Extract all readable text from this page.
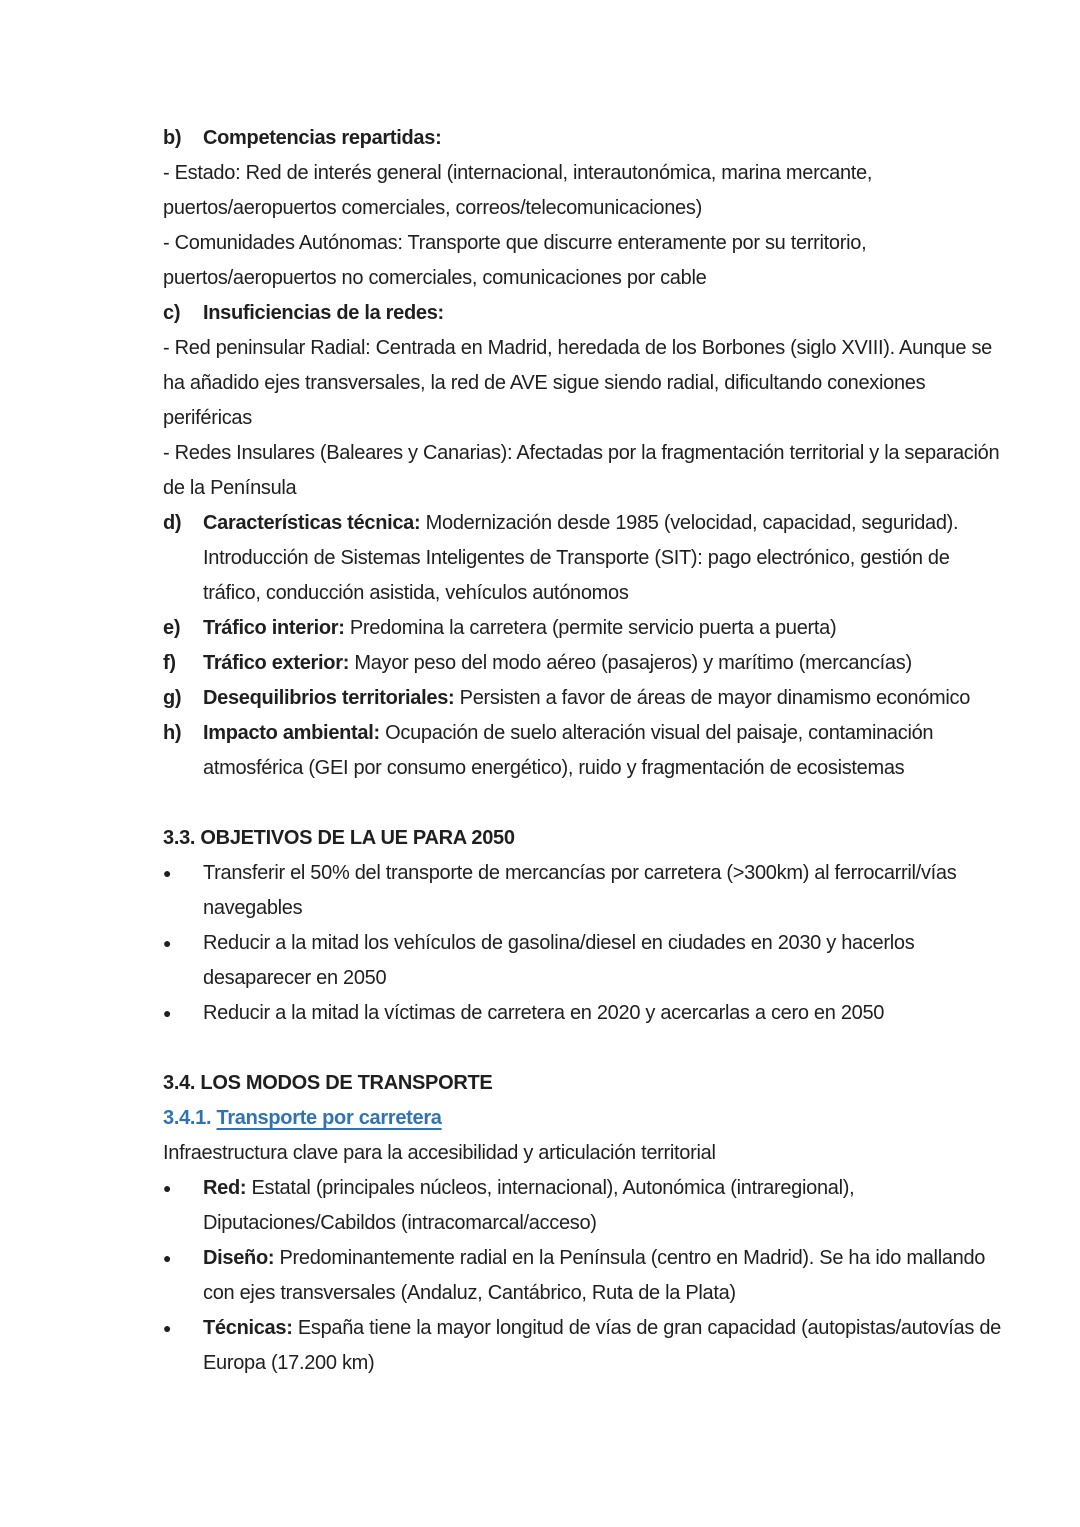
b) Competencias repartidas:
- Estado: Red de interés general (internacional, interautonómica, marina mercante,
puertos/aeropuertos comerciales, correos/telecomunicaciones)
- Comunidades Autónomas: Transporte que discurre enteramente por su territorio,
puertos/aeropuertos no comerciales, comunicaciones por cable
c) Insuficiencias de la redes:
- Red peninsular Radial: Centrada en Madrid, heredada de los Borbones (siglo XVIII). Aunque se
ha añadido ejes transversales, la red de AVE sigue siendo radial, dificultando conexiones
periféricas
- Redes Insulares (Baleares y Canarias): Afectadas por la fragmentación territorial y la separación
de la Península
d) Características técnica: Modernización desde 1985 (velocidad, capacidad, seguridad).
Introducción de Sistemas Inteligentes de Transporte (SIT): pago electrónico, gestión de
tráfico, conducción asistida, vehículos autónomos
e) Tráfico interior: Predomina la carretera (permite servicio puerta a puerta)
f) Tráfico exterior: Mayor peso del modo aéreo (pasajeros) y marítimo (mercancías)
g) Desequilibrios territoriales: Persisten a favor de áreas de mayor dinamismo económico
h) Impacto ambiental: Ocupación de suelo alteración visual del paisaje, contaminación
atmosférica (GEI por consumo energético), ruido y fragmentación de ecosistemas
3.3. OBJETIVOS DE LA UE PARA 2050
● Transferir el 50% del transporte de mercancías por carretera (>300km) al ferrocarril/vías
navegables
● Reducir a la mitad los vehículos de gasolina/diesel en ciudades en 2030 y hacerlos
desaparecer en 2050
● Reducir a la mitad la víctimas de carretera en 2020 y acercarlas a cero en 2050
3.4. LOS MODOS DE TRANSPORTE
3.4.1. Transporte por carretera
Infraestructura clave para la accesibilidad y articulación territorial
● Red: Estatal (principales núcleos, internacional), Autonómica (intraregional),
Diputaciones/Cabildos (intracomarcal/acceso)
● Diseño: Predominantemente radial en la Península (centro en Madrid). Se ha ido mallando
con ejes transversales (Andaluz, Cantábrico, Ruta de la Plata)
● Técnicas: España tiene la mayor longitud de vías de gran capacidad (autopistas/autovías de
Europa (17.200 km)
